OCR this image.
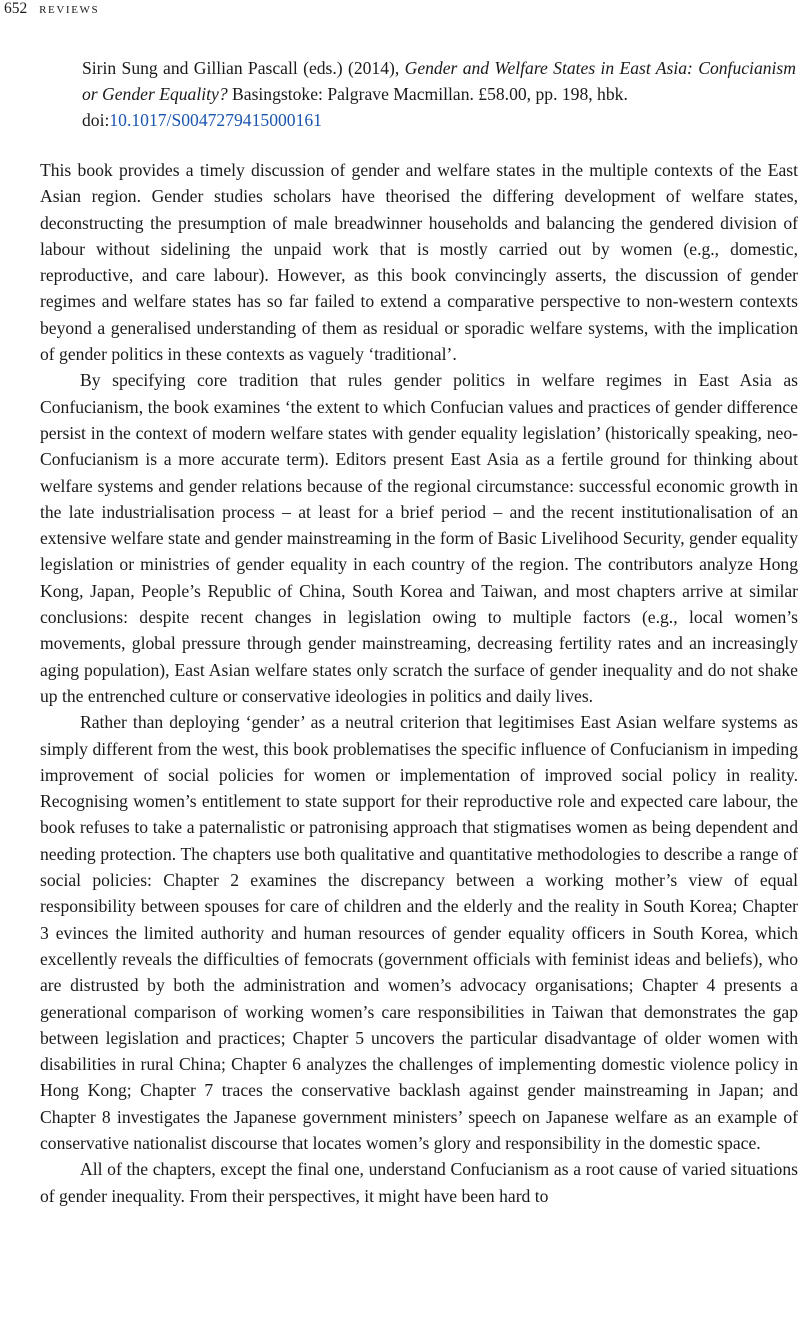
652 reviews
Sirin Sung and Gillian Pascall (eds.) (2014), Gender and Welfare States in East Asia: Confucianism or Gender Equality? Basingstoke: Palgrave Macmillan. £58.00, pp. 198, hbk.
doi:10.1017/S0047279415000161

This book provides a timely discussion of gender and welfare states in the multiple contexts of the East Asian region. Gender studies scholars have theorised the differing development of welfare states, deconstructing the presumption of male breadwinner households and balancing the gendered division of labour without sidelining the unpaid work that is mostly carried out by women (e.g., domestic, reproductive, and care labour). However, as this book convincingly asserts, the discussion of gender regimes and welfare states has so far failed to extend a comparative perspective to non-western contexts beyond a generalised understanding of them as residual or sporadic welfare systems, with the implication of gender politics in these contexts as vaguely ‘traditional’.

By specifying core tradition that rules gender politics in welfare regimes in East Asia as Confucianism, the book examines ‘the extent to which Confucian values and practices of gender difference persist in the context of modern welfare states with gender equality legislation’ (historically speaking, neo-Confucianism is a more accurate term). Editors present East Asia as a fertile ground for thinking about welfare systems and gender relations because of the regional circumstance: successful economic growth in the late industrialisation process – at least for a brief period – and the recent institutionalisation of an extensive welfare state and gender mainstreaming in the form of Basic Livelihood Security, gender equality legislation or ministries of gender equality in each country of the region. The contributors analyze Hong Kong, Japan, People’s Republic of China, South Korea and Taiwan, and most chapters arrive at similar conclusions: despite recent changes in legislation owing to multiple factors (e.g., local women’s movements, global pressure through gender mainstreaming, decreasing fertility rates and an increasingly aging population), East Asian welfare states only scratch the surface of gender inequality and do not shake up the entrenched culture or conservative ideologies in politics and daily lives.

Rather than deploying ‘gender’ as a neutral criterion that legitimises East Asian welfare systems as simply different from the west, this book problematises the specific influence of Confucianism in impeding improvement of social policies for women or implementation of improved social policy in reality. Recognising women’s entitlement to state support for their reproductive role and expected care labour, the book refuses to take a paternalistic or patronising approach that stigmatises women as being dependent and needing protection. The chapters use both qualitative and quantitative methodologies to describe a range of social policies: Chapter 2 examines the discrepancy between a working mother’s view of equal responsibility between spouses for care of children and the elderly and the reality in South Korea; Chapter 3 evinces the limited authority and human resources of gender equality officers in South Korea, which excellently reveals the difficulties of femocrats (government officials with feminist ideas and beliefs), who are distrusted by both the administration and women’s advocacy organisations; Chapter 4 presents a generational comparison of working women’s care responsibilities in Taiwan that demonstrates the gap between legislation and practices; Chapter 5 uncovers the particular disadvantage of older women with disabilities in rural China; Chapter 6 analyzes the challenges of implementing domestic violence policy in Hong Kong; Chapter 7 traces the conservative backlash against gender mainstreaming in Japan; and Chapter 8 investigates the Japanese government ministers’ speech on Japanese welfare as an example of conservative nationalist discourse that locates women’s glory and responsibility in the domestic space.

All of the chapters, except the final one, understand Confucianism as a root cause of varied situations of gender inequality. From their perspectives, it might have been hard to
